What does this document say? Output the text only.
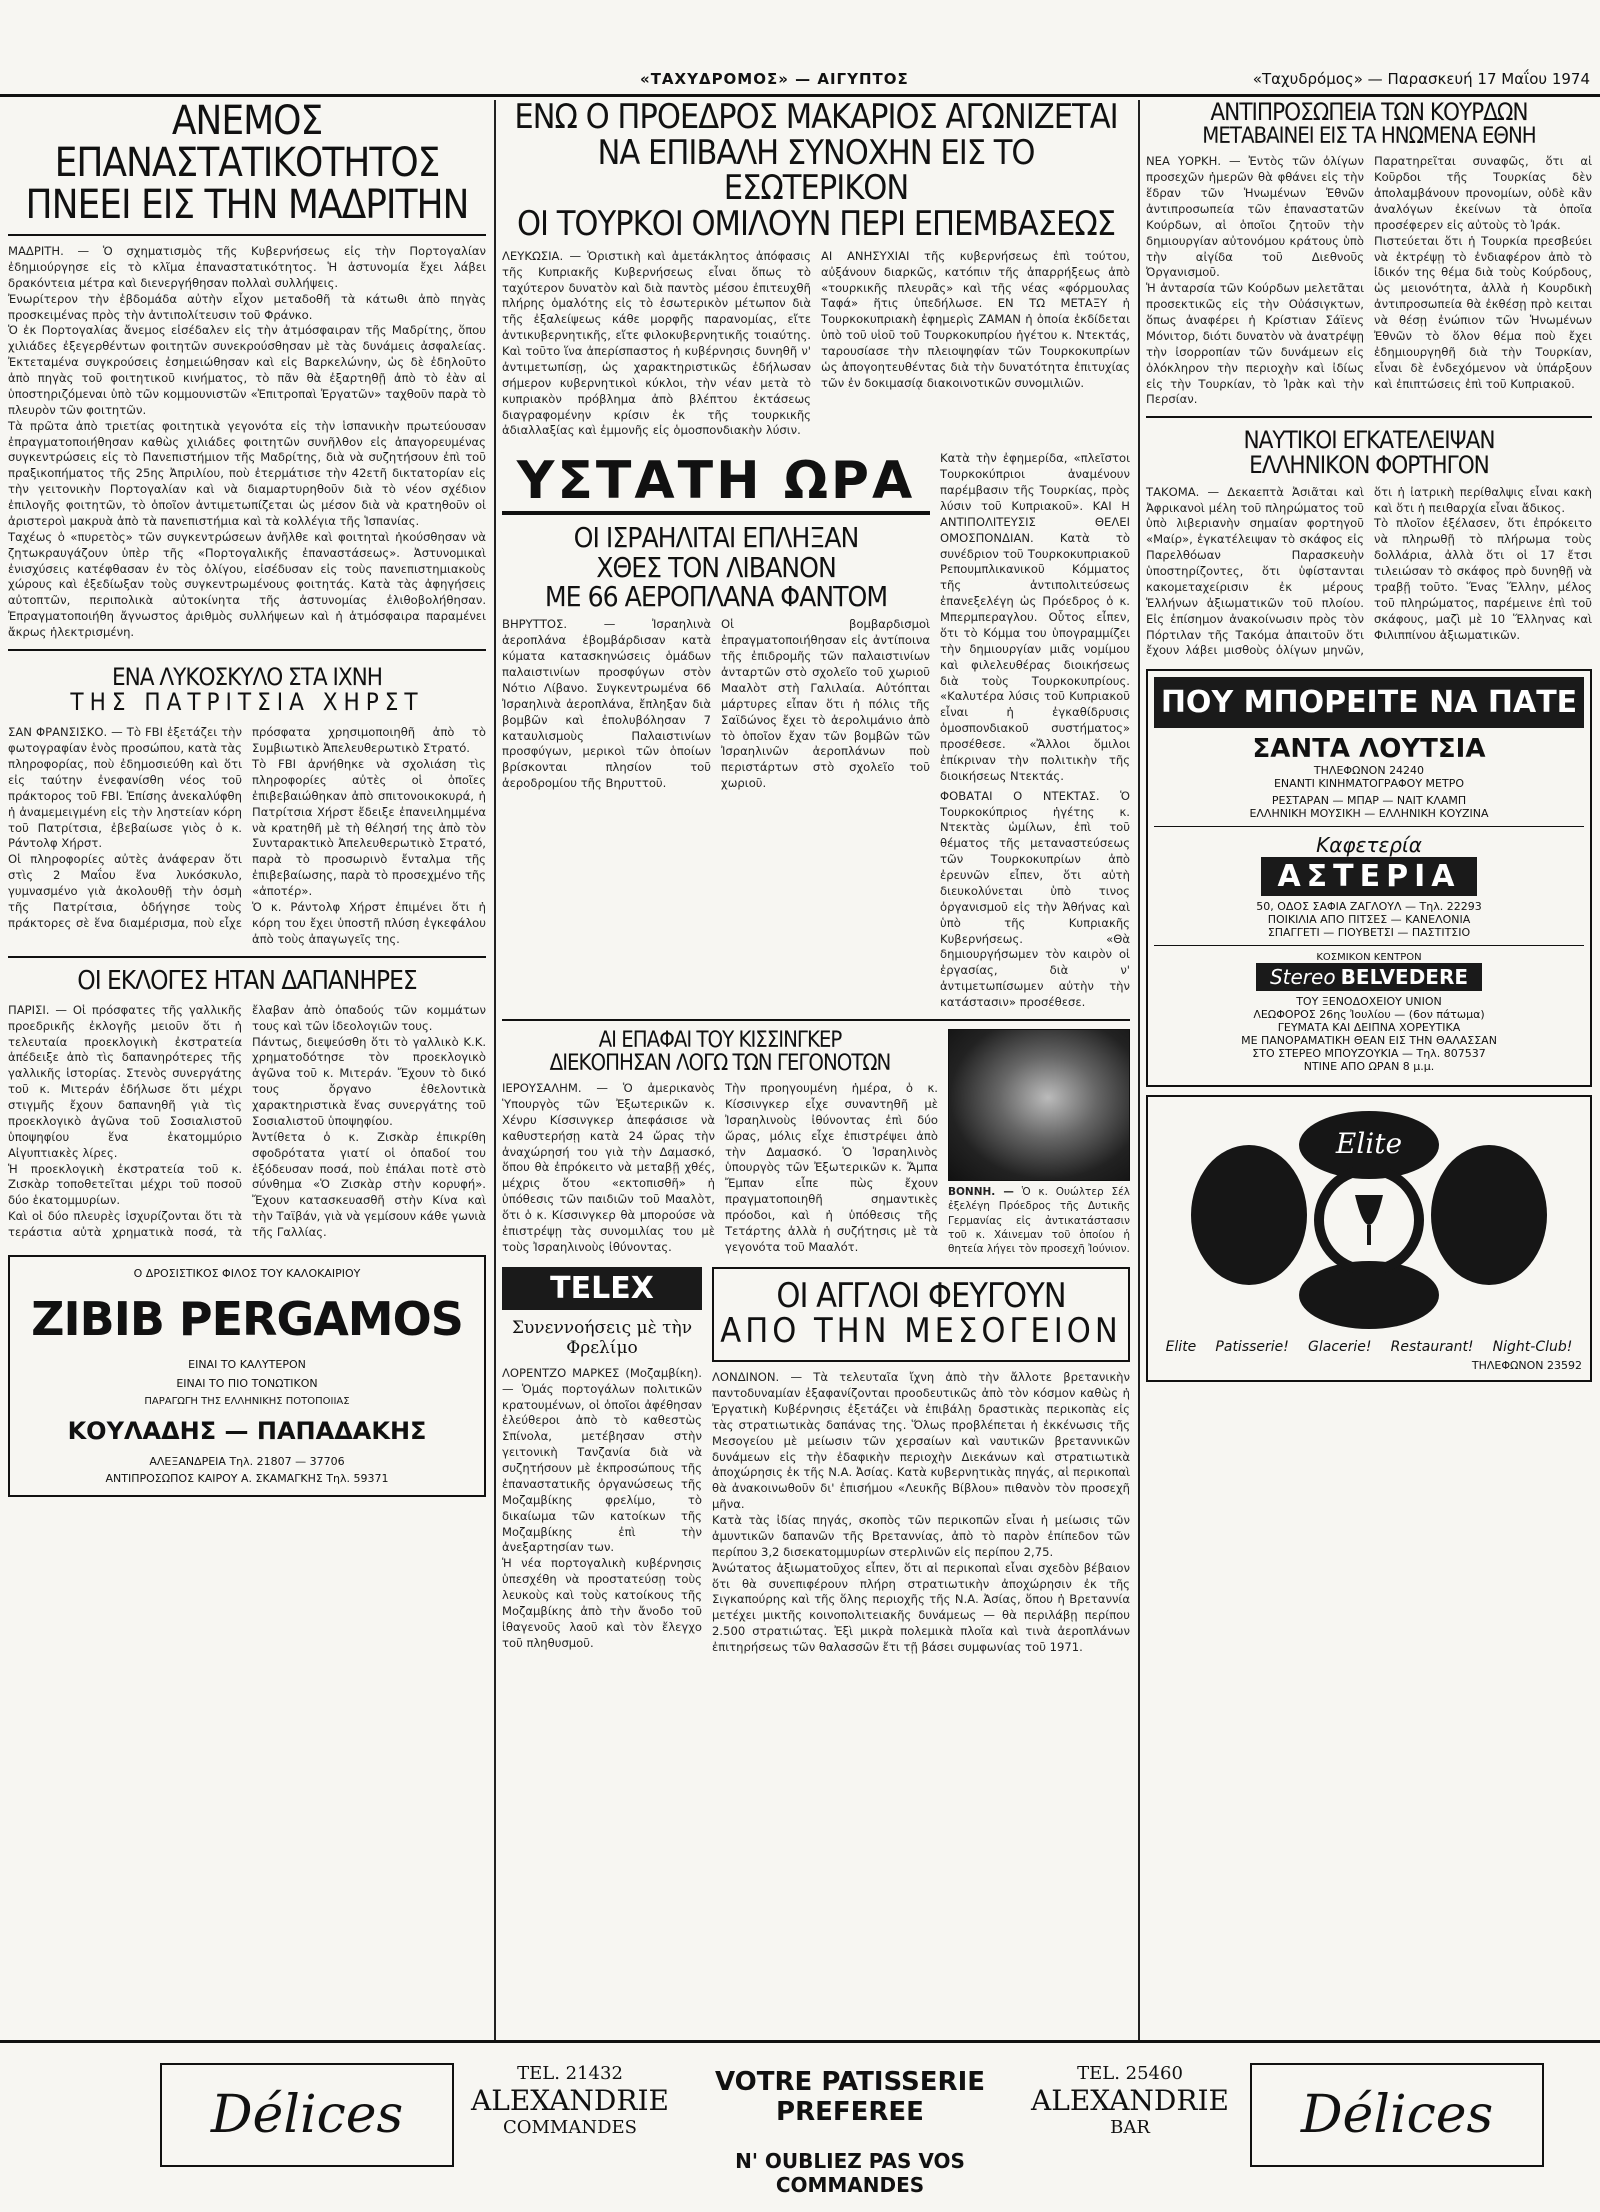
«ΤΑΧΥΔΡΟΜΟΣ» — ΑΙΓΥΠΤΟΣ	«Ταχυδρόμος» — Παρασκευή 17 Μαΐου 1974
ΑΝΕΜΟΣ ΕΠΑΝΑΣΤΑΤΙΚΟΤΗΤΟΣ
ΠΝΕΕΙ ΕΙΣ ΤΗΝ ΜΑΔΡΙΤΗΝ

ΜΑΔΡΙΤΗ. — Ὁ σχηματισμὸς τῆς Κυβερνήσεως εἰς τὴν Πορτογαλίαν ἐδημιούργησε εἰς τὸ κλῖμα ἐπαναστατικότητος. Ἡ ἀστυνομία ἔχει λάβει δρακόντεια μέτρα καὶ διενεργήθησαν πολλαὶ συλλήψεις.

Ἐνωρίτερον τὴν ἑβδομάδα αὐτὴν εἶχον μεταδοθῆ τὰ κάτωθι ἀπὸ πηγὰς προσκειμένας πρὸς τὴν ἀντιπολίτευσιν τοῦ Φράνκο.

Ὁ ἐκ Πορτογαλίας ἄνεμος εἰσέδαλεν εἰς τὴν ἀτμόσφαιραν τῆς Μαδρίτης, ὅπου χιλιάδες ἐξεγερθέντων φοιτητῶν συνεκρούσθησαν μὲ τὰς δυνάμεις ἀσφαλείας. Ἐκτεταμένα συγκρούσεις ἐσημειώθησαν καὶ εἰς Βαρκελώνην, ὡς δὲ ἐδηλοῦτο ἀπὸ πηγὰς τοῦ φοιτητικοῦ κινήματος, τὸ πᾶν θὰ ἐξαρτηθῇ ἀπὸ τὸ ἐὰν αἱ ὑποστηριζόμεναι ὑπὸ τῶν κομμουνιστῶν «Ἐπιτροπαὶ Ἐργατῶν» ταχθοῦν παρὰ τὸ πλευρὸν τῶν φοιτητῶν.

Τὰ πρῶτα ἀπὸ τριετίας φοιτητικὰ γεγονότα εἰς τὴν ἱσπανικὴν πρωτεύουσαν ἐπραγματοποιήθησαν καθὼς χιλιάδες φοιτητῶν συνῆλθον εἰς ἀπαγορευμένας συγκεντρώσεις εἰς τὸ Πανεπιστήμιον τῆς Μαδρίτης, διὰ νὰ συζητήσουν ἐπὶ τοῦ πραξικοπήματος τῆς 25ης Ἀπριλίου, ποὺ ἐτερμάτισε τὴν 42ετῆ δικτατορίαν εἰς τὴν γειτονικὴν Πορτογαλίαν καὶ νὰ διαμαρτυρηθοῦν διὰ τὸ νέον σχέδιον ἐπιλογῆς φοιτητῶν, τὸ ὁποῖον ἀντιμετωπίζεται ὡς μέσον διὰ νὰ κρατηθοῦν οἱ ἀριστεροὶ μακρυὰ ἀπὸ τὰ πανεπιστήμια καὶ τὰ κολλέγια τῆς Ἱσπανίας.

Ταχέως ὁ «πυρετὸς» τῶν συγκεντρώσεων ἀνῆλθε καὶ φοιτηταὶ ἠκούσθησαν νὰ ζητωκραυγάζουν ὑπὲρ τῆς «Πορτογαλικῆς ἐπαναστάσεως». Ἀστυνομικαὶ ἐνισχύσεις κατέφθασαν ἐν τὸς ὀλίγου, εἰσέδυσαν εἰς τοὺς πανεπιστημιακοὺς χώρους καὶ ἐξεδίωξαν τοὺς συγκεντρωμένους φοιτητάς. Κατὰ τὰς ἀφηγήσεις αὐτοπτῶν, περιπολικὰ αὐτοκίνητα τῆς ἀστυνομίας ἐλιθοβολήθησαν. Ἐπραγματοποιήθη ἄγνωστος ἀριθμὸς συλλήψεων καὶ ἡ ἀτμόσφαιρα παραμένει ἄκρως ἠλεκτρισμένη.

ΕΝΑ ΛΥΚΟΣΚΥΛΟ ΣΤΑ ΙΧΝΗ
ΤΗΣ ΠΑΤΡΙΤΣΙΑ ΧΗΡΣΤ

ΣΑΝ ΦΡΑΝΣΙΣΚΟ. — Τὸ FBI ἐξετάζει τὴν φωτογραφίαν ἑνὸς προσώπου, κατὰ τὰς πληροφορίας, ποὺ ἐδημοσιεύθη καὶ ὅτι εἰς ταύτην ἐνεφανίσθη νέος τοῦ πράκτορος τοῦ FBI. Ἐπίσης ἀνεκαλύφθη ἡ ἀναμεμειγμένη εἰς τὴν ληστείαν κόρη τοῦ Πατρίτσια, ἐβεβαίωσε γιὸς ὁ κ. Ράντολφ Χήρστ.

Οἱ πληροφορίες αὐτὲς ἀνάφεραν ὅτι στὶς 2 Μαΐου ἕνα λυκόσκυλο, γυμνασμένο γιὰ ἀκολουθῇ τὴν ὀσμὴ τῆς Πατρίτσια, ὁδήγησε τοὺς πράκτορες σὲ ἕνα διαμέρισμα, ποὺ εἶχε πρόσφατα χρησιμοποιηθῆ ἀπὸ τὸ Συμβιωτικὸ Ἀπελευθερωτικὸ Στρατό.

Τὸ FBI ἀρνήθηκε νὰ σχολιάση τὶς πληροφορίες αὐτὲς οἱ ὁποῖες ἐπιβεβαιώθηκαν ἀπὸ σπιτονοικοκυρά, ἡ Πατρίτσια Χήρστ ἔδειξε ἐπανειλημμένα νὰ κρατηθῆ μὲ τὴ θέλησή της ἀπὸ τὸν Συνταρακτικὸ Ἀπελευθερωτικὸ Στρατό, παρὰ τὸ προσωρινὸ ἔνταλμα τῆς ἐπιβεβαίωσης, παρὰ τὸ προσεχμένο τῆς «ἀποτέρ».

Ὁ κ. Ράντολφ Χήρστ ἐπιμένει ὅτι ἡ κόρη του ἔχει ὑποστῆ πλύση ἐγκεφάλου ἀπὸ τοὺς ἀπαγωγεῖς της.

ΟΙ ΕΚΛΟΓΕΣ ΗΤΑΝ ΔΑΠΑΝΗΡΕΣ

ΠΑΡΙΣΙ. — Οἱ πρόσφατες τῆς γαλλικῆς προεδρικῆς ἐκλογῆς μειοῦν ὅτι ἡ τελευταία προεκλογικὴ ἐκστρατεία ἀπέδειξε ἀπὸ τὶς δαπανηρότερες τῆς γαλλικῆς ἱστορίας. Στενὸς συνεργάτης τοῦ κ. Μιτεράν ἐδήλωσε ὅτι μέχρι στιγμῆς ἔχουν δαπανηθῆ γιὰ τὶς προεκλογικὸ ἀγῶνα τοῦ Σοσιαλιστοῦ ὑποψηφίου ἕνα ἑκατομμύριο Αἰγυπτιακὲς λίρες.

Ἡ προεκλογικὴ ἐκστρατεία τοῦ κ. Ζισκὰρ τοποθετεῖται μέχρι τοῦ ποσοῦ δύο ἑκατομμυρίων.

Καὶ οἱ δύο πλευρὲς ἰσχυρίζονται ὅτι τὰ τεράστια αὐτὰ χρηματικὰ ποσά, τὰ ἔλαβαν ἀπὸ ὀπαδούς τῶν κομμάτων τους καὶ τῶν ἰδεολογιῶν τους.

Πάντως, διεψεύσθη ὅτι τὸ γαλλικὸ Κ.Κ. χρηματοδότησε τὸν προεκλογικὸ ἀγῶνα τοῦ κ. Μιτεράν. Ἔχουν τὸ δικό τους ὄργανο ἐθελοντικὰ χαρακτηριστικὰ ἕνας συνεργάτης τοῦ Σοσιαλιστοῦ ὑποψηφίου.

Ἀντίθετα ὁ κ. Ζισκὰρ ἐπικρίθη σφοδρότατα γιατί οἱ ὀπαδοί του ἐξόδευσαν ποσά, ποὺ ἐπάλαι ποτὲ στὸ σύνθημα «Ὁ Ζισκὰρ στὴν κορυφή». Ἔχουν κατασκευασθῆ στὴν Κίνα καὶ τὴν Ταϊβάν, γιὰ νὰ γεμίσουν κάθε γωνιὰ τῆς Γαλλίας.

Ο ΔΡΟΣΙΣΤΙΚΟΣ ΦΙΛΟΣ ΤΟΥ ΚΑΛΟΚΑΙΡΙΟΥ
ZIBIB PERGAMOS
ΕΙΝΑΙ ΤΟ ΚΑΛΥΤΕΡΟΝ
ΕΙΝΑΙ ΤΟ ΠΙΟ ΤΟΝΩΤΙΚΟΝ
ΠΑΡΑΓΩΓΗ ΤΗΣ ΕΛΛΗΝΙΚΗΣ ΠΟΤΟΠΟΙΙΑΣ
ΚΟΥΛΑΔΗΣ — ΠΑΠΑΔΑΚΗΣ
ΑΛΕΞΑΝΔΡΕΙΑ Τηλ. 21807 — 37706
ΑΝΤΙΠΡΟΣΩΠΟΣ ΚΑΙΡΟΥ Α. ΣΚΑΜΑΓΚΗΣ Τηλ. 59371
ΕΝΩ Ο ΠΡΟΕΔΡΟΣ ΜΑΚΑΡΙΟΣ ΑΓΩΝΙΖΕΤΑΙ
ΝΑ ΕΠΙΒΑΛΗ ΣΥΝΟΧΗΝ ΕΙΣ ΤΟ ΕΣΩΤΕΡΙΚΟΝ
ΟΙ ΤΟΥΡΚΟΙ ΟΜΙΛΟΥΝ ΠΕΡΙ ΕΠΕΜΒΑΣΕΩΣ

ΛΕΥΚΩΣΙΑ. — Ὁριστικὴ καὶ ἀμετάκλητος ἀπόφασις τῆς Κυπριακῆς Κυβερνήσεως εἶναι ὅπως τὸ ταχύτερον δυνατὸν καὶ διὰ παντὸς μέσου ἐπιτευχθῆ πλήρης ὁμαλότης εἰς τὸ ἐσωτερικὸν μέτωπον διὰ τῆς ἐξαλείψεως κάθε μορφῆς παρανομίας, εἴτε ἀντικυβερνητικῆς, εἴτε φιλοκυβερνητικῆς τοιαύτης. Καὶ τοῦτο ἵνα ἀπερίσπαστος ἡ κυβέρνησις δυνηθῆ ν' ἀντιμετωπίσῃ, ὡς χαρακτηριστικῶς ἐδήλωσαν σήμερον κυβερνητικοὶ κύκλοι, τὴν νέαν μετὰ τὸ κυπριακὸν πρόβλημα ἀπὸ βλέπτου ἐκτάσεως διαγραφομένην κρίσιν ἐκ τῆς τουρκικῆς ἀδιαλλαξίας καὶ ἐμμονῆς εἰς ὁμοσπονδιακὴν λύσιν.

ΑΙ ΑΝΗΣΥΧΙΑΙ τῆς κυβερνήσεως ἐπὶ τούτου, αὐξάνουν διαρκῶς, κατόπιν τῆς ἀπαρρήξεως ἀπὸ «τουρκικῆς πλευρᾶς» καὶ τῆς νέας «φόρμουλας Ταφά» ἥτις ὑπεδήλωσε. ΕΝ ΤΩ ΜΕΤΑΞΥ ἡ Τουρκοκυπριακὴ ἐφημερὶς ΖΑΜΑΝ ἡ ὁποία ἐκδίδεται ὑπὸ τοῦ υἱοῦ τοῦ Τουρκοκυπρίου ἡγέτου κ. Ντεκτάς, ταρουσίασε τὴν πλειοψηφίαν τῶν Τουρκοκυπρίων ὡς ἀπογοητευθέντας διὰ τὴν δυνατότητα ἐπιτυχίας τῶν ἐν δοκιμασίᾳ διακοινοτικῶν συνομιλιῶν.

ΥΣΤΑΤΗ ΩΡΑ
ΟΙ ΙΣΡΑΗΛΙΤΑΙ ΕΠΛΗΞΑΝ
ΧΘΕΣ ΤΟΝ ΛΙΒΑΝΟΝ
ΜΕ 66 ΑΕΡΟΠΛΑΝΑ ΦΑΝΤΟΜ

ΒΗΡΥΤΤΟΣ. — Ἰσραηλινὰ ἀεροπλάνα ἐβομβάρδισαν κατὰ κύματα κατασκηνώσεις ὁμάδων παλαιστινίων προσφύγων στὸν Νότιο Λίβανο. Συγκεντρωμένα 66 Ἰσραηλινὰ ἀεροπλάνα, ἔπληξαν διὰ βομβῶν καὶ ἐπολυβόλησαν 7 καταυλισμοὺς Παλαιστινίων προσφύγων, μερικοὶ τῶν ὁποίων βρίσκονται πλησίον τοῦ ἀεροδρομίου τῆς Βηρυττοῦ.

Οἱ βομβαρδισμοὶ ἐπραγματοποιήθησαν εἰς ἀντίποινα τῆς ἐπιδρομῆς τῶν παλαιστινίων ἀνταρτῶν στὸ σχολεῖο τοῦ χωριοῦ Μααλὸτ στὴ Γαλιλαία. Αὐτόπται μάρτυρες εἶπαν ὅτι ἡ πόλις τῆς Σαϊδώνος ἔχει τὸ ἀερολιμάνιο ἀπὸ τὸ ὁποῖον ἔχαν τῶν βομβῶν τῶν Ἰσραηλινῶν ἀεροπλάνων ποὺ περιστάρτων στὸ σχολεῖο τοῦ χωριοῦ.

Κατὰ τὴν ἐφημερίδα, «πλεῖστοι Τουρκοκύπριοι ἀναμένουν παρέμβασιν τῆς Τουρκίας, πρὸς λύσιν τοῦ Κυπριακοῦ». ΚΑΙ Η ΑΝΤΙΠΟΛΙΤΕΥΣΙΣ ΘΕΛΕΙ ΟΜΟΣΠΟΝΔΙΑΝ. Κατὰ τὸ συνέδριον τοῦ Τουρκοκυπριακοῦ Ρεπουμπλικανικοῦ Κόμματος τῆς ἀντιπολιτεύσεως ἐπανεξελέγη ὡς Πρόεδρος ὁ κ. Μπερμπεραγλου. Οὗτος εἶπεν, ὅτι τὸ Κόμμα του ὑπογραμμίζει τὴν δημιουργίαν μιᾶς νομίμου καὶ φιλελευθέρας διοικήσεως διὰ τοὺς Τουρκοκυπρίους. «Καλυτέρα λύσις τοῦ Κυπριακοῦ εἶναι ἡ ἐγκαθίδρυσις ὁμοσπονδιακοῦ συστήματος» προσέθεσε. «Ἄλλοι ὅμιλοι ἐπίκριναν τὴν πολιτικὴν τῆς διοικήσεως Ντεκτάς.

ΦΟΒΑΤΑΙ Ο ΝΤΕΚΤΑΣ. Ὁ Τουρκοκύπριος ἡγέτης κ. Ντεκτὰς ὡμίλων, ἐπὶ τοῦ θέματος τῆς μεταναστεύσεως τῶν Τουρκοκυπρίων ἀπὸ ἐρευνῶν εἶπεν, ὅτι αὐτὴ διευκολύνεται ὑπὸ τινος ὀργανισμοῦ εἰς τὴν Ἀθήνας καὶ ὑπὸ τῆς Κυπριακῆς Κυβερνήσεως. «Θὰ δημιουργήσωμεν τὸν καιρὸν οἱ ἐργασίας, διὰ ν' ἀντιμετωπίσωμεν αὐτὴν τὴν κατάστασιν» προσέθεσε.

ΑΙ ΕΠΑΦΑΙ ΤΟΥ ΚΙΣΣΙΝΓΚΕΡ
ΔΙΕΚΟΠΗΣΑΝ ΛΟΓΩ ΤΩΝ ΓΕΓΟΝΟΤΩΝ

ΙΕΡΟΥΣΑΛΗΜ. — Ὁ ἀμερικανὸς Ὑπουργὸς τῶν Ἐξωτερικῶν κ. Χένρυ Κίσσινγκερ ἀπεφάσισε νὰ καθυστερήσῃ κατὰ 24 ὥρας τὴν ἀναχώρησή του γιὰ τὴν Δαμασκό, ὅπου θὰ ἐπρόκειτο νὰ μεταβῇ χθές, μέχρις ὅτου «εκτοπισθῆ» ἡ ὑπόθεσις τῶν παιδιῶν τοῦ Μααλὸτ, ὅτι ὁ κ. Κίσσινγκερ θὰ μπορούσε νὰ ἐπιστρέψῃ τὰς συνομιλίας του μὲ τοὺς Ἰσραηλινοὺς ἰθύνοντας.

Τὴν προηγουμένη ἡμέρα, ὁ κ. Κίσσινγκερ εἶχε συναντηθῆ μὲ Ἰσραηλινοὺς ἰθύνοντας ἐπὶ δύο ὥρας, μόλις εἶχε ἐπιστρέψει ἀπὸ τὴν Δαμασκό. Ὁ Ἰσραηλινὸς ὑπουργὸς τῶν Ἐξωτερικῶν κ. Ἄμπα Ἔμπαν εἶπε πὼς ἔχουν πραγματοποιηθῆ σημαντικὲς πρόοδοι, καὶ ἡ ὑπόθεσις τῆς Τετάρτης ἀλλὰ ἡ συζήτησις μὲ τὰ γεγονότα τοῦ Μααλότ.

ΒΟΝΝΗ. — Ὁ κ. Ουώλτερ Σέλ ἐξελέγη Πρόεδρος τῆς Δυτικῆς Γερμανίας εἰς ἀντικατάστασιν τοῦ κ. Χάινεμαν τοῦ ὁποίου ἡ θητεία λήγει τὸν προσεχῆ Ἰούνιον.
TELEX
Συνεννοήσεις μὲ τὴν Φρελίμο

ΛΟΡΕΝΤΖΟ ΜΑΡΚΕΣ (Μοζαμβίκη). — Ὁμάς πορτογάλων πολιτικῶν κρατουμένων, οἱ ὁποῖοι ἀφέθησαν ἐλεύθεροι ἀπὸ τὸ καθεστὼς Σπίνολα, μετέβησαν στὴν γειτονικὴ Τανζανία διὰ νὰ συζητήσουν μὲ ἐκπροσώπους τῆς ἐπαναστατικῆς ὀργανώσεως τῆς Μοζαμβίκης φρελίμο, τὸ δικαίωμα τῶν κατοίκων τῆς Μοζαμβίκης ἐπὶ τὴν ἀνεξαρτησίαν των.

Ἡ νέα πορτογαλικὴ κυβέρνησις ὑπεσχέθη νὰ προστατεύσῃ τοὺς λευκοὺς καὶ τοὺς κατοίκους τῆς Μοζαμβίκης ἀπὸ τὴν ἄνοδο τοῦ ἰθαγενοῦς λαοῦ καὶ τὸν ἔλεγχο τοῦ πληθυσμοῦ.

ΟΙ ΑΓΓΛΟΙ ΦΕΥΓΟΥΝ
ΑΠΟ ΤΗΝ ΜΕΣΟΓΕΙΟΝ

ΛΟΝΔΙΝΟΝ. — Τὰ τελευταῖα ἴχνη ἀπὸ τὴν ἄλλοτε βρετανικὴν παντοδυναμίαν ἐξαφανίζονται προοδευτικῶς ἀπὸ τὸν κόσμον καθὼς ἡ Ἐργατικὴ Κυβέρνησις ἐξετάζει νὰ ἐπιβάλῃ δραστικὰς περικοπὰς εἰς τὰς στρατιωτικὰς δαπάνας της. Ὅλως προβλέπεται ἡ ἐκκένωσις τῆς Μεσογείου μὲ μείωσιν τῶν χερσαίων καὶ ναυτικῶν βρεταννικῶν δυνάμεων εἰς τὴν ἐδαφικὴν περιοχὴν Διεκάνων καὶ στρατιωτικὰ ἀποχώρησις ἐκ τῆς Ν.Α. Ἀσίας. Κατὰ κυβερνητικὰς πηγάς, αἱ περικοπαὶ θὰ ἀνακοινωθοῦν δι' ἐπισήμου «Λευκῆς Βίβλου» πιθανὸν τὸν προσεχῆ μῆνα.

Κατὰ τὰς ἰδίας πηγάς, σκοπὸς τῶν περικοπῶν εἶναι ἡ μείωσις τῶν ἀμυντικῶν δαπανῶν τῆς Βρεταννίας, ἀπὸ τὸ παρὸν ἐπίπεδον τῶν περίπου 3,2 δισεκατομμυρίων στερλινῶν εἰς περίπου 2,75.

Ἀνώτατος ἀξιωματοῦχος εἶπεν, ὅτι αἱ περικοπαὶ εἶναι σχεδὸν βέβαιον ὅτι θὰ συνεπιφέρουν πλήρη στρατιωτικὴν ἀποχώρησιν ἐκ τῆς Σιγκαπούρης καὶ τῆς ὅλης περιοχῆς τῆς Ν.Α. Ἀσίας, ὅπου ἡ Βρεταννία μετέχει μικτῆς κοινοπολιτειακῆς δυνάμεως — θὰ περιλάβῃ περίπου 2.500 στρατιώτας. Ἐξὶ μικρὰ πολεμικὰ πλοῖα καὶ τινὰ ἀεροπλάνων ἐπιτηρήσεως τῶν θαλασσῶν ἔτι τῇ βάσει συμφωνίας τοῦ 1971.

ΑΝΤΙΠΡΟΣΩΠΕΙΑ ΤΩΝ ΚΟΥΡΔΩΝ
ΜΕΤΑΒΑΙΝΕΙ ΕΙΣ ΤΑ ΗΝΩΜΕΝΑ ΕΘΝΗ

ΝΕΑ ΥΟΡΚΗ. — Ἐντὸς τῶν ὀλίγων προσεχῶν ἡμερῶν θὰ φθάνει εἰς τὴν ἕδραν τῶν Ἡνωμένων Ἐθνῶν ἀντιπροσωπεία τῶν ἐπαναστατῶν Κούρδων, αἱ ὁποῖοι ζητοῦν τὴν δημιουργίαν αὐτονόμου κράτους ὑπὸ τὴν αἰγίδα τοῦ Διεθνοῦς Ὀργανισμοῦ.

Ἡ ἀνταρσία τῶν Κούρδων μελετᾶται προσεκτικῶς εἰς τὴν Οὐάσιγκτων, ὅπως ἀναφέρει ἡ Κρίστιαν Σάϊενς Μόνιτορ, διότι δυνατὸν νὰ ἀνατρέψῃ τὴν ἰσορροπίαν τῶν δυνάμεων εἰς ὁλόκληρον τὴν περιοχὴν καὶ ἰδίως εἰς τὴν Τουρκίαν, τὸ Ἰρὰκ καὶ τὴν Περσίαν.

Παρατηρεῖται συναφῶς, ὅτι αἱ Κοῦρδοι τῆς Τουρκίας δὲν ἀπολαμβάνουν προνομίων, οὐδὲ κἂν ἀναλόγων ἐκείνων τὰ ὁποῖα προσέφερεν εἰς αὐτοὺς τὸ Ἰράκ.

Πιστεύεται ὅτι ἡ Τουρκία πρεσβεύει νὰ ἐκτρέψῃ τὸ ἐνδιαφέρον ἀπὸ τὸ ἰδικόν της θέμα διὰ τοὺς Κούρδους, ὡς μειονότητα, ἀλλὰ ἡ Κουρδικὴ ἀντιπροσωπεία θὰ ἐκθέσῃ πρὸ κειται νὰ θέσῃ ἐνώπιον τῶν Ἡνωμένων Ἐθνῶν τὸ ὅλον θέμα ποὺ ἔχει ἐδημιουργηθῆ διὰ τὴν Τουρκίαν, εἶναι δὲ ἐνδεχόμενον νὰ ὑπάρξουν καὶ ἐπιπτώσεις ἐπὶ τοῦ Κυπριακοῦ.

ΝΑΥΤΙΚΟΙ ΕΓΚΑΤΕΛΕΙΨΑΝ
ΕΛΛΗΝΙΚΟΝ ΦΟΡΤΗΓΟΝ

ΤΑΚΟΜΑ. — Δεκαεπτὰ Ἀσιᾶται καὶ Ἀφρικανοὶ μέλη τοῦ πληρώματος τοῦ ὑπὸ λιβεριανὴν σημαίαν φορτηγοῦ «Μαίρ», ἐγκατέλειψαν τὸ σκάφος εἰς Παρελθόωαν Παρασκευὴν ὑποστηρίζοντες, ὅτι ὑφίστανται κακομεταχείρισιν ἐκ μέρους Ἑλλήνων ἀξιωματικῶν τοῦ πλοίου. Εἰς ἐπίσημον ἀνακοίνωσιν πρὸς τὸν Πόρτιλαν τῆς Τακόμα ἀπαιτοῦν ὅτι ἔχουν λάβει μισθοὺς ὀλίγων μηνῶν, ὅτι ἡ ἰατρικὴ περίθαλψις εἶναι κακὴ καὶ ὅτι ἡ πειθαρχία εἶναι ἄδικος.

Τὸ πλοῖον ἐξέλασεν, ὅτι ἐπρόκειτο νὰ πληρωθῇ τὸ πλήρωμα τοὺς δολλάρια, ἀλλὰ ὅτι οἱ 17 ἔτσι τιλειώσαν τὸ σκάφος πρὸ δυνηθῇ νὰ τραβῇ τοῦτο. Ἕνας Ἕλλην, μέλος τοῦ πληρώματος, παρέμεινε ἐπὶ τοῦ σκάφους, μαζὶ μὲ 10 Ἕλληνας καὶ Φιλιππίνου ἀξιωματικῶν.

ΠΟΥ ΜΠΟΡΕΙΤΕ ΝΑ ΠΑΤΕ
ΣΑΝΤΑ ΛΟΥΤΣΙΑ
ΤΗΛΕΦΩΝΟΝ 24240
ΕΝΑΝΤΙ ΚΙΝΗΜΑΤΟΓΡΑΦΟΥ ΜΕΤΡΟ
ΡΕΣΤΑΡΑΝ — ΜΠΑΡ — ΝΑΙΤ ΚΛΑΜΠ
ΕΛΛΗΝΙΚΗ ΜΟΥΣΙΚΗ — ΕΛΛΗΝΙΚΗ ΚΟΥΖΙΝΑ
Καφετερία
ΑΣΤΕΡΙΑ
50, ΟΔΟΣ ΣΑΦΙΑ ΖΑΓΛΟΥΛ — Τηλ. 22293
ΠΟΙΚΙΛΙΑ ΑΠΟ ΠΙΤΣΕΣ — ΚΑΝΕΛΟΝΙΑ
ΣΠΑΓΓΕΤΙ — ΓΙΟΥΒΕΤΣΙ — ΠΑΣΤΙΤΣΙΟ
ΚΟΣΜΙΚΟΝ ΚΕΝΤΡΟΝ
Stereo BELVEDERE
ΤΟΥ ΞΕΝΟΔΟΧΕΙΟΥ UNION
ΛΕΩΦΟΡΟΣ 26ης Ἰουλίου — (6ον πάτωμα)
ΓΕΥΜΑΤΑ ΚΑΙ ΔΕΙΠΝΑ ΧΟΡΕΥΤΙΚΑ
ΜΕ ΠΑΝΟΡΑΜΑΤΙΚΗ ΘΕΑΝ ΕΙΣ ΤΗΝ ΘΑΛΑΣΣΑΝ
ΣΤΟ ΣΤΕΡΕΟ ΜΠΟΥΖΟΥΚΙΑ — Τηλ. 807537
ΝΤΙΝΕ ΑΠΟ ΩΡΑΝ 8 μ.μ.
Elite
Elite Patisserie! Glacerie! Restaurant! Night-Club!
ΤΗΛΕΦΩΝΟΝ 23592
Délices
TEL. 21432
ALEXANDRIE
COMMANDES
VOTRE PATISSERIE PREFEREE
N' OUBLIEZ PAS VOS COMMANDES
TEL. 25460
ALEXANDRIE
BAR	Délices
